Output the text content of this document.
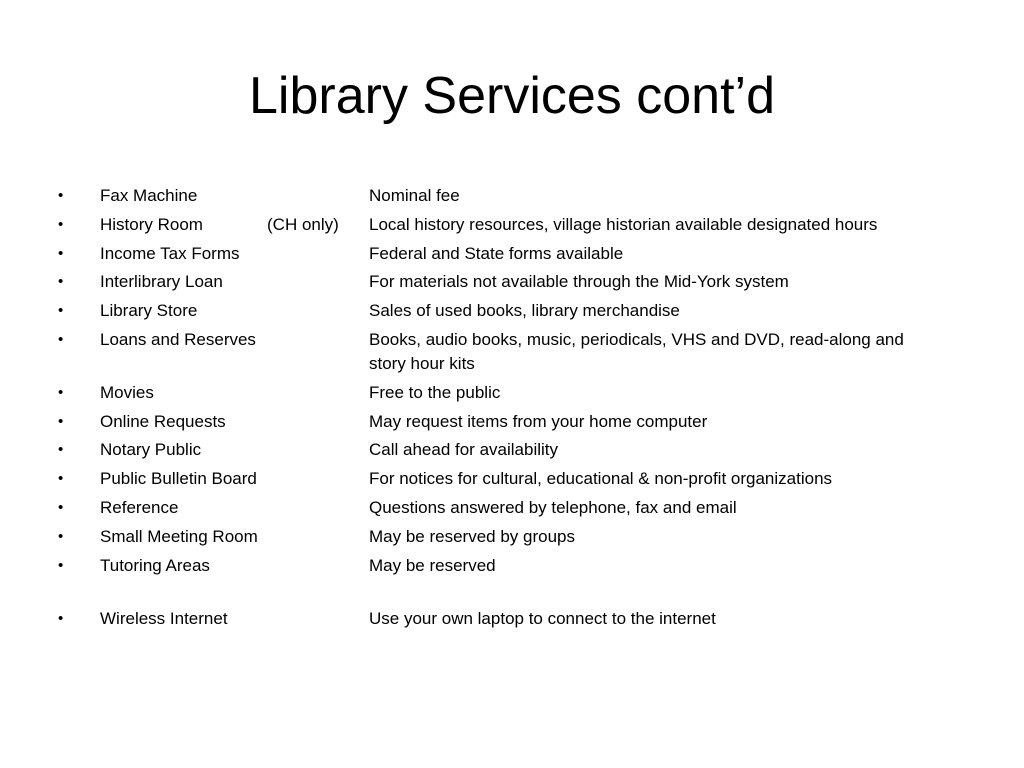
Library Services cont’d
•	Fax Machine	Nominal fee
•	History Room	(CH only)	Local history resources, village historian available designated hours
•	Income Tax Forms	Federal and State forms available
•	Interlibrary Loan	For materials not available through the Mid-York system
•	Library Store	Sales of used books, library merchandise
•	Loans and Reserves	Books, audio books, music, periodicals, VHS and DVD, read-along and story hour kits
•	Movies	Free to the public
•	Online Requests	May request items from your home computer
•	Notary Public	Call ahead for availability
•	Public Bulletin Board	For notices for cultural, educational & non-profit organizations
•	Reference	Questions answered by telephone, fax and email
•	Small Meeting Room	May be reserved by groups
•	Tutoring Areas	May be reserved
•	Wireless Internet	Use your own laptop to connect to the internet
